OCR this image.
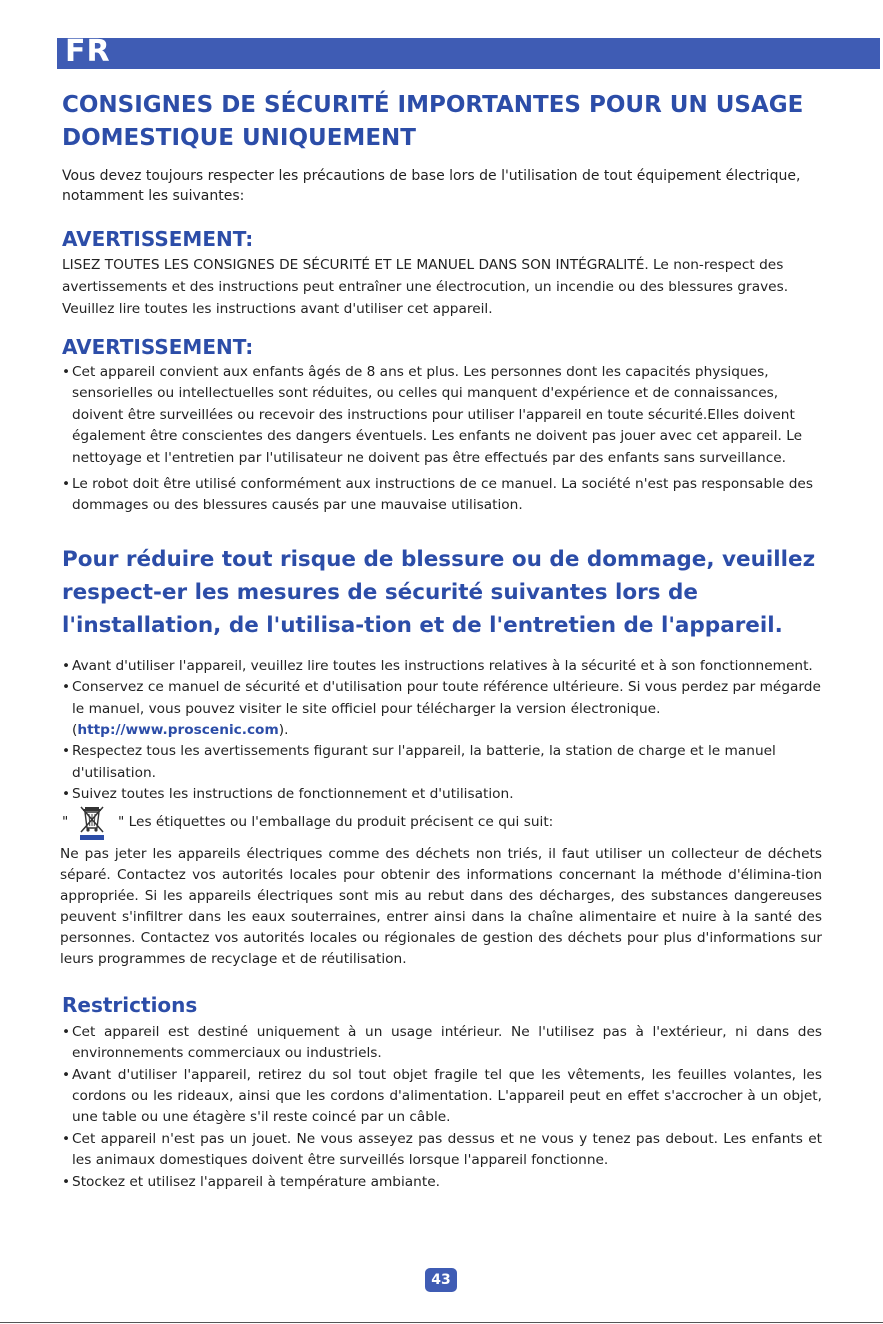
FR
CONSIGNES DE SÉCURITÉ IMPORTANTES POUR UN USAGE DOMESTIQUE UNIQUEMENT

Vous devez toujours respecter les précautions de base lors de l'utilisation de tout équipement électrique, notamment les suivantes:

AVERTISSEMENT:

LISEZ TOUTES LES CONSIGNES DE SÉCURITÉ ET LE MANUEL DANS SON INTÉGRALITÉ. Le non-respect des avertissements et des instructions peut entraîner une électrocution, un incendie ou des blessures graves. Veuillez lire toutes les instructions avant d'utiliser cet appareil.

AVERTISSEMENT:
• Cet appareil convient aux enfants âgés de 8 ans et plus. Les personnes dont les capacités physiques, sensorielles ou intellectuelles sont réduites, ou celles qui manquent d'expérience et de connaissances, doivent être surveillées ou recevoir des instructions pour utiliser l'appareil en toute sécurité.Elles doivent également être conscientes des dangers éventuels. Les enfants ne doivent pas jouer avec cet appareil. Le nettoyage et l'entretien par l'utilisateur ne doivent pas être effectués par des enfants sans surveillance.
• Le robot doit être utilisé conformément aux instructions de ce manuel. La société n'est pas responsable des dommages ou des blessures causés par une mauvaise utilisation.
Pour réduire tout risque de blessure ou de dommage, veuillez respect-er les mesures de sécurité suivantes lors de l'installation, de l'utilisa-tion et de l'entretien de l'appareil.
• Avant d'utiliser l'appareil, veuillez lire toutes les instructions relatives à la sécurité et à son fonctionnement.
• Conservez ce manuel de sécurité et d'utilisation pour toute référence ultérieure. Si vous perdez par mégarde le manuel, vous pouvez visiter le site officiel pour télécharger la version électronique. (http://www.proscenic.com).
• Respectez tous les avertissements figurant sur l'appareil, la batterie, la station de charge et le manuel d'utilisation.
• Suivez toutes les instructions de fonctionnement et d'utilisation.
"	" Les étiquettes ou l'emballage du produit précisent ce qui suit:

Ne pas jeter les appareils électriques comme des déchets non triés, il faut utiliser un collecteur de déchets séparé. Contactez vos autorités locales pour obtenir des informations concernant la méthode d'élimina-tion appropriée. Si les appareils électriques sont mis au rebut dans des décharges, des substances dangereuses peuvent s'infiltrer dans les eaux souterraines, entrer ainsi dans la chaîne alimentaire et nuire à la santé des personnes. Contactez vos autorités locales ou régionales de gestion des déchets pour plus d'informations sur leurs programmes de recyclage et de réutilisation.

Restrictions
• Cet appareil est destiné uniquement à un usage intérieur. Ne l'utilisez pas à l'extérieur, ni dans des environnements commerciaux ou industriels.
• Avant d'utiliser l'appareil, retirez du sol tout objet fragile tel que les vêtements, les feuilles volantes, les cordons ou les rideaux, ainsi que les cordons d'alimentation. L'appareil peut en effet s'accrocher à un objet, une table ou une étagère s'il reste coincé par un câble.
• Cet appareil n'est pas un jouet. Ne vous asseyez pas dessus et ne vous y tenez pas debout. Les enfants et les animaux domestiques doivent être surveillés lorsque l'appareil fonctionne.
• Stockez et utilisez l'appareil à température ambiante.
43
